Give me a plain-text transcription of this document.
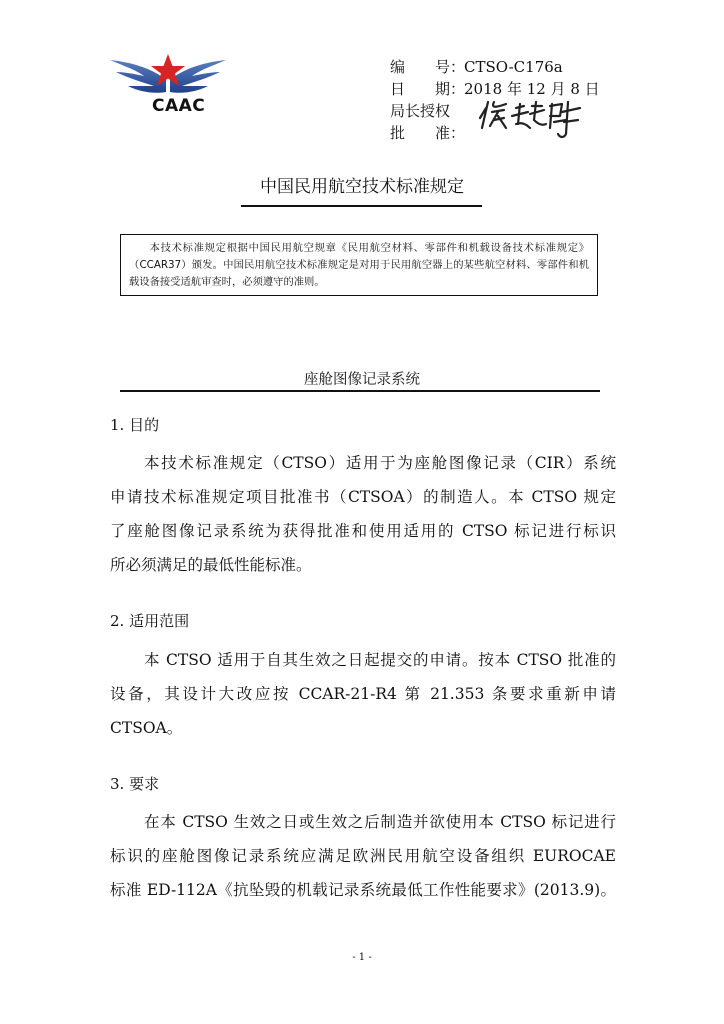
CAAC
编　　号：
CTSO-C176a
日　　期：
2018 年 12 月 8 日
局长授权
批　　准：
中国民用航空技术标准规定

本技术标准规定根据中国民用航空规章《民用航空材料、零部件和机载设备技术标准规定》（CCAR37）颁发。中国民用航空技术标准规定是对用于民用航空器上的某些航空材料、零部件和机载设备接受适航审查时，必须遵守的准则。

座舱图像记录系统
1. 目的
本技术标准规定（CTSO）适用于为座舱图像记录（CIR）系统
申请技术标准规定项目批准书（CTSOA）的制造人。本 CTSO 规定
了座舱图像记录系统为获得批准和使用适用的 CTSO 标记进行标识
所必须满足的最低性能标准。
2. 适用范围
本 CTSO 适用于自其生效之日起提交的申请。按本 CTSO 批准的
设备，其设计大改应按 CCAR-21-R4 第 21.353 条要求重新申请
CTSOA。
3. 要求
在本 CTSO 生效之日或生效之后制造并欲使用本 CTSO 标记进行
标识的座舱图像记录系统应满足欧洲民用航空设备组织 EUROCAE
标准 ED-112A《抗坠毁的机载记录系统最低工作性能要求》(2013.9)。
- 1 -
